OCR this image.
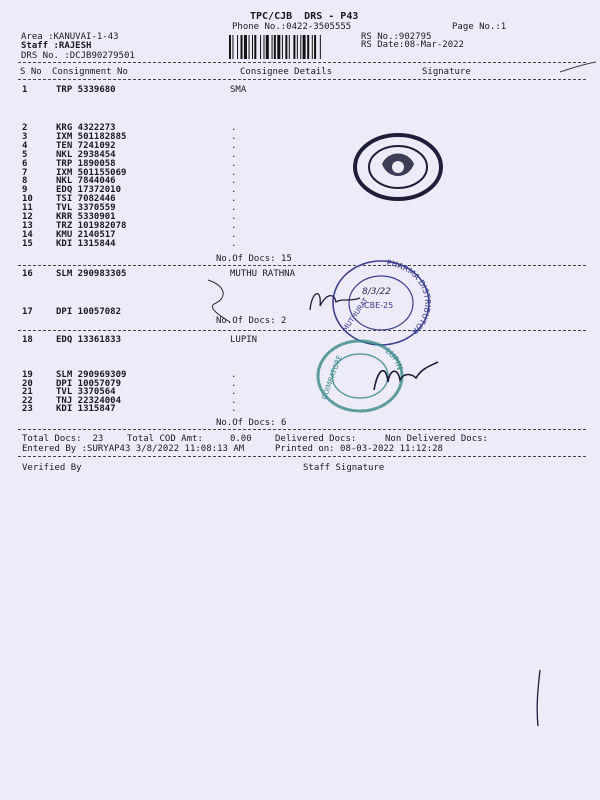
TPC/CJB  DRS - P43
Phone No.:0422-3505555	Page No.:1
Area :KANUVAI-1-43
Staff :RAJESH
DRS No. :DCJB90279501
RS No.:902795
RS Date:08-Mar-2022
S No Consignment No	Consignee Details	Signature
1	TRP 5339680	SMA
2	KRG 4322273	.
3	IXM 501182885	.
4	TEN 7241092	.
5	NKL 2938454	.
6	TRP 1890058	.
7	IXM 501155069	.
8	NKL 7844046	.
9	EDQ 17372010	.
10	TSI 7082446	.
11	TVL 3370559	.
12	KRR 5330901	.
13	TRZ 101982078	.
14	KMU 2140517	.
15	KDI 1315844	.
No.Of Docs: 15
16	SLM 290983305	MUTHU RATHNA
17	DPI 10057082
No.Of Docs: 2
18	EDQ 13361833	LUPIN
19	SLM 290969309	.
20	DPI 10057079	.
21	TVL 3370564	.
22	TNJ 22324004	.
23	KDI 1315847	.
No.Of Docs: 6
Total Docs:  23	Total COD Amt:     0.00	Delivered Docs:	Non Delivered Docs:
Entered By :SURYAP43 3/8/2022 11:08:13 AM	Printed on: 08-03-2022 11:12:28
Verified By	Staff Signature
PHARMA DISTRIBUTOR
MUTHURAT
CBE-25
8/3/22
LUPIN
COIMBATORE
